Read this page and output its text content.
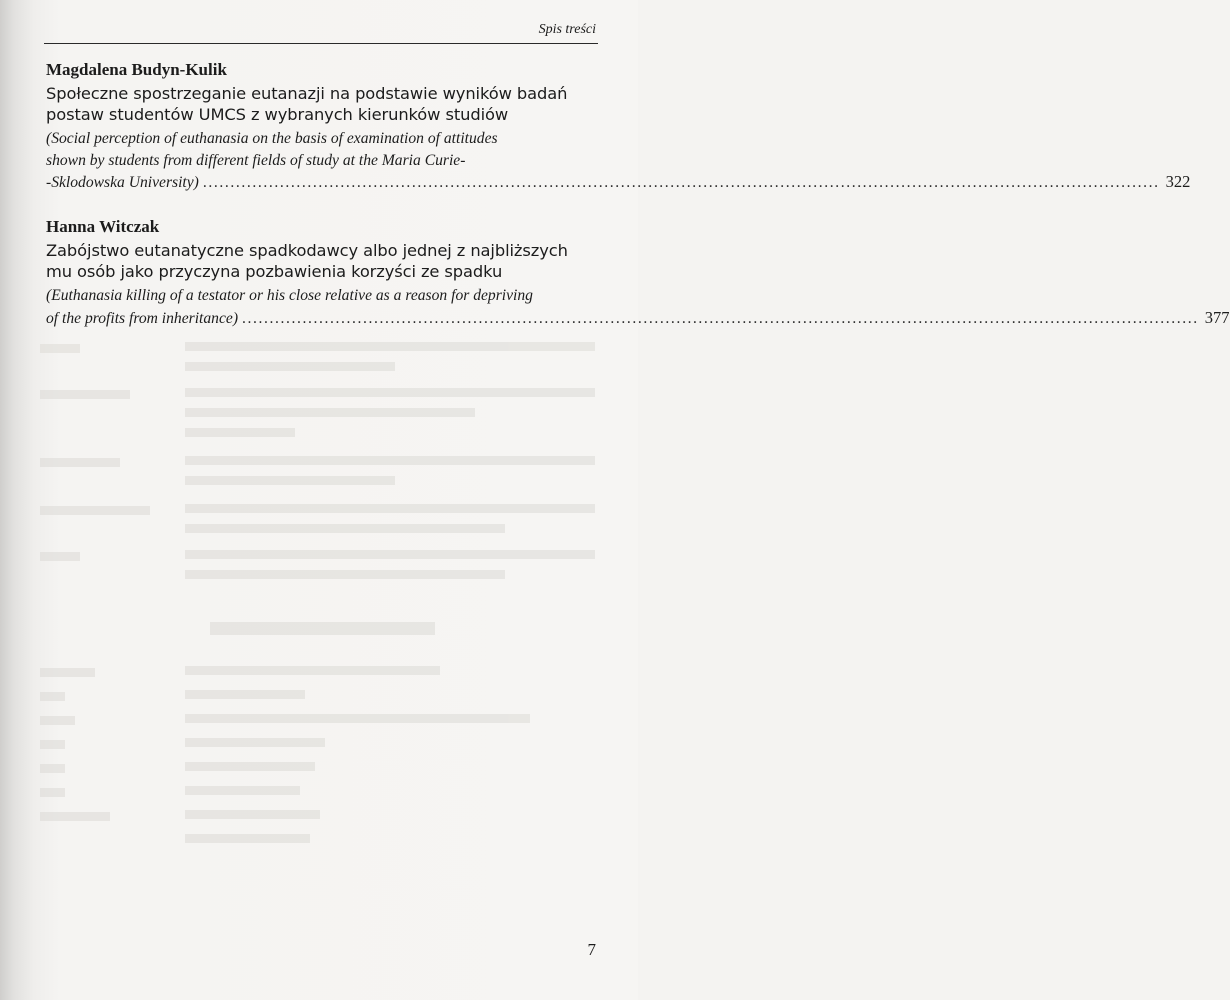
Spis treści
Magdalena Budyn-Kulik
Społeczne spostrzeganie eutanazji na podstawie wyników badań
postaw studentów UMCS z wybranych kierunków studiów
(Social perception of euthanasia on the basis of examination of attitudes
shown by students from different fields of study at the Maria Curie-
-Sklodowska University) .............................................................................................................................................................................. 322
Hanna Witczak
Zabójstwo eutanatyczne spadkodawcy albo jednej z najbliższych
mu osób jako przyczyna pozbawienia korzyści ze spadku
(Euthanasia killing of a testator or his close relative as a reason for depriving
of the profits from inheritance) .............................................................................................................................................................................. 377
7
